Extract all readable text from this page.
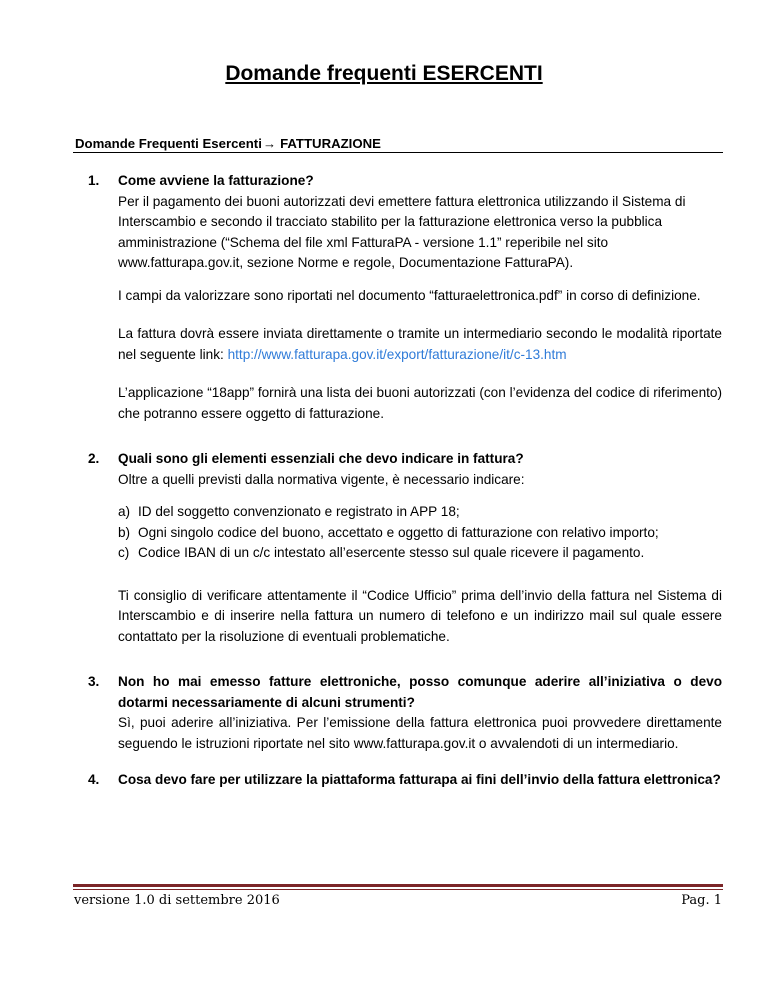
Domande frequenti ESERCENTI
Domande Frequenti Esercenti→ FATTURAZIONE
1.	Come avviene la fatturazione?
Per il pagamento dei buoni autorizzati devi emettere fattura elettronica utilizzando il Sistema di Interscambio e secondo il tracciato stabilito per la fatturazione elettronica verso la pubblica amministrazione (“Schema del file xml FatturaPA - versione 1.1” reperibile nel sito www.fatturapa.gov.it, sezione Norme e regole, Documentazione FatturaPA).
I campi da valorizzare sono riportati nel documento “fatturaelettronica.pdf” in corso di definizione.
La fattura dovrà essere inviata direttamente o tramite un intermediario secondo le modalità riportate nel seguente link: http://www.fatturapa.gov.it/export/fatturazione/it/c-13.htm
L’applicazione “18app” fornirà una lista dei buoni autorizzati (con l’evidenza del codice di riferimento) che potranno essere oggetto di fatturazione.
2.	Quali sono gli elementi essenziali che devo indicare in fattura?
Oltre a quelli previsti dalla normativa vigente, è necessario indicare:
a) ID del soggetto convenzionato e registrato in APP 18;
b) Ogni singolo codice del buono, accettato e oggetto di fatturazione con relativo importo;
c) Codice IBAN di un c/c intestato all’esercente stesso sul quale ricevere il pagamento.
Ti consiglio di verificare attentamente il “Codice Ufficio” prima dell’invio della fattura nel Sistema di Interscambio e di inserire nella fattura un numero di telefono e un indirizzo mail sul quale essere contattato per la risoluzione di eventuali problematiche.
3.	Non ho mai emesso fatture elettroniche, posso comunque aderire all’iniziativa o devo dotarmi necessariamente di alcuni strumenti?
Sì, puoi aderire all’iniziativa. Per l’emissione della fattura elettronica puoi provvedere direttamente seguendo le istruzioni riportate nel sito www.fatturapa.gov.it o avvalendoti di un intermediario.
4.	Cosa devo fare per utilizzare la piattaforma fatturapa ai fini dell’invio della fattura elettronica?
versione 1.0 di settembre 2016	Pag. 1
